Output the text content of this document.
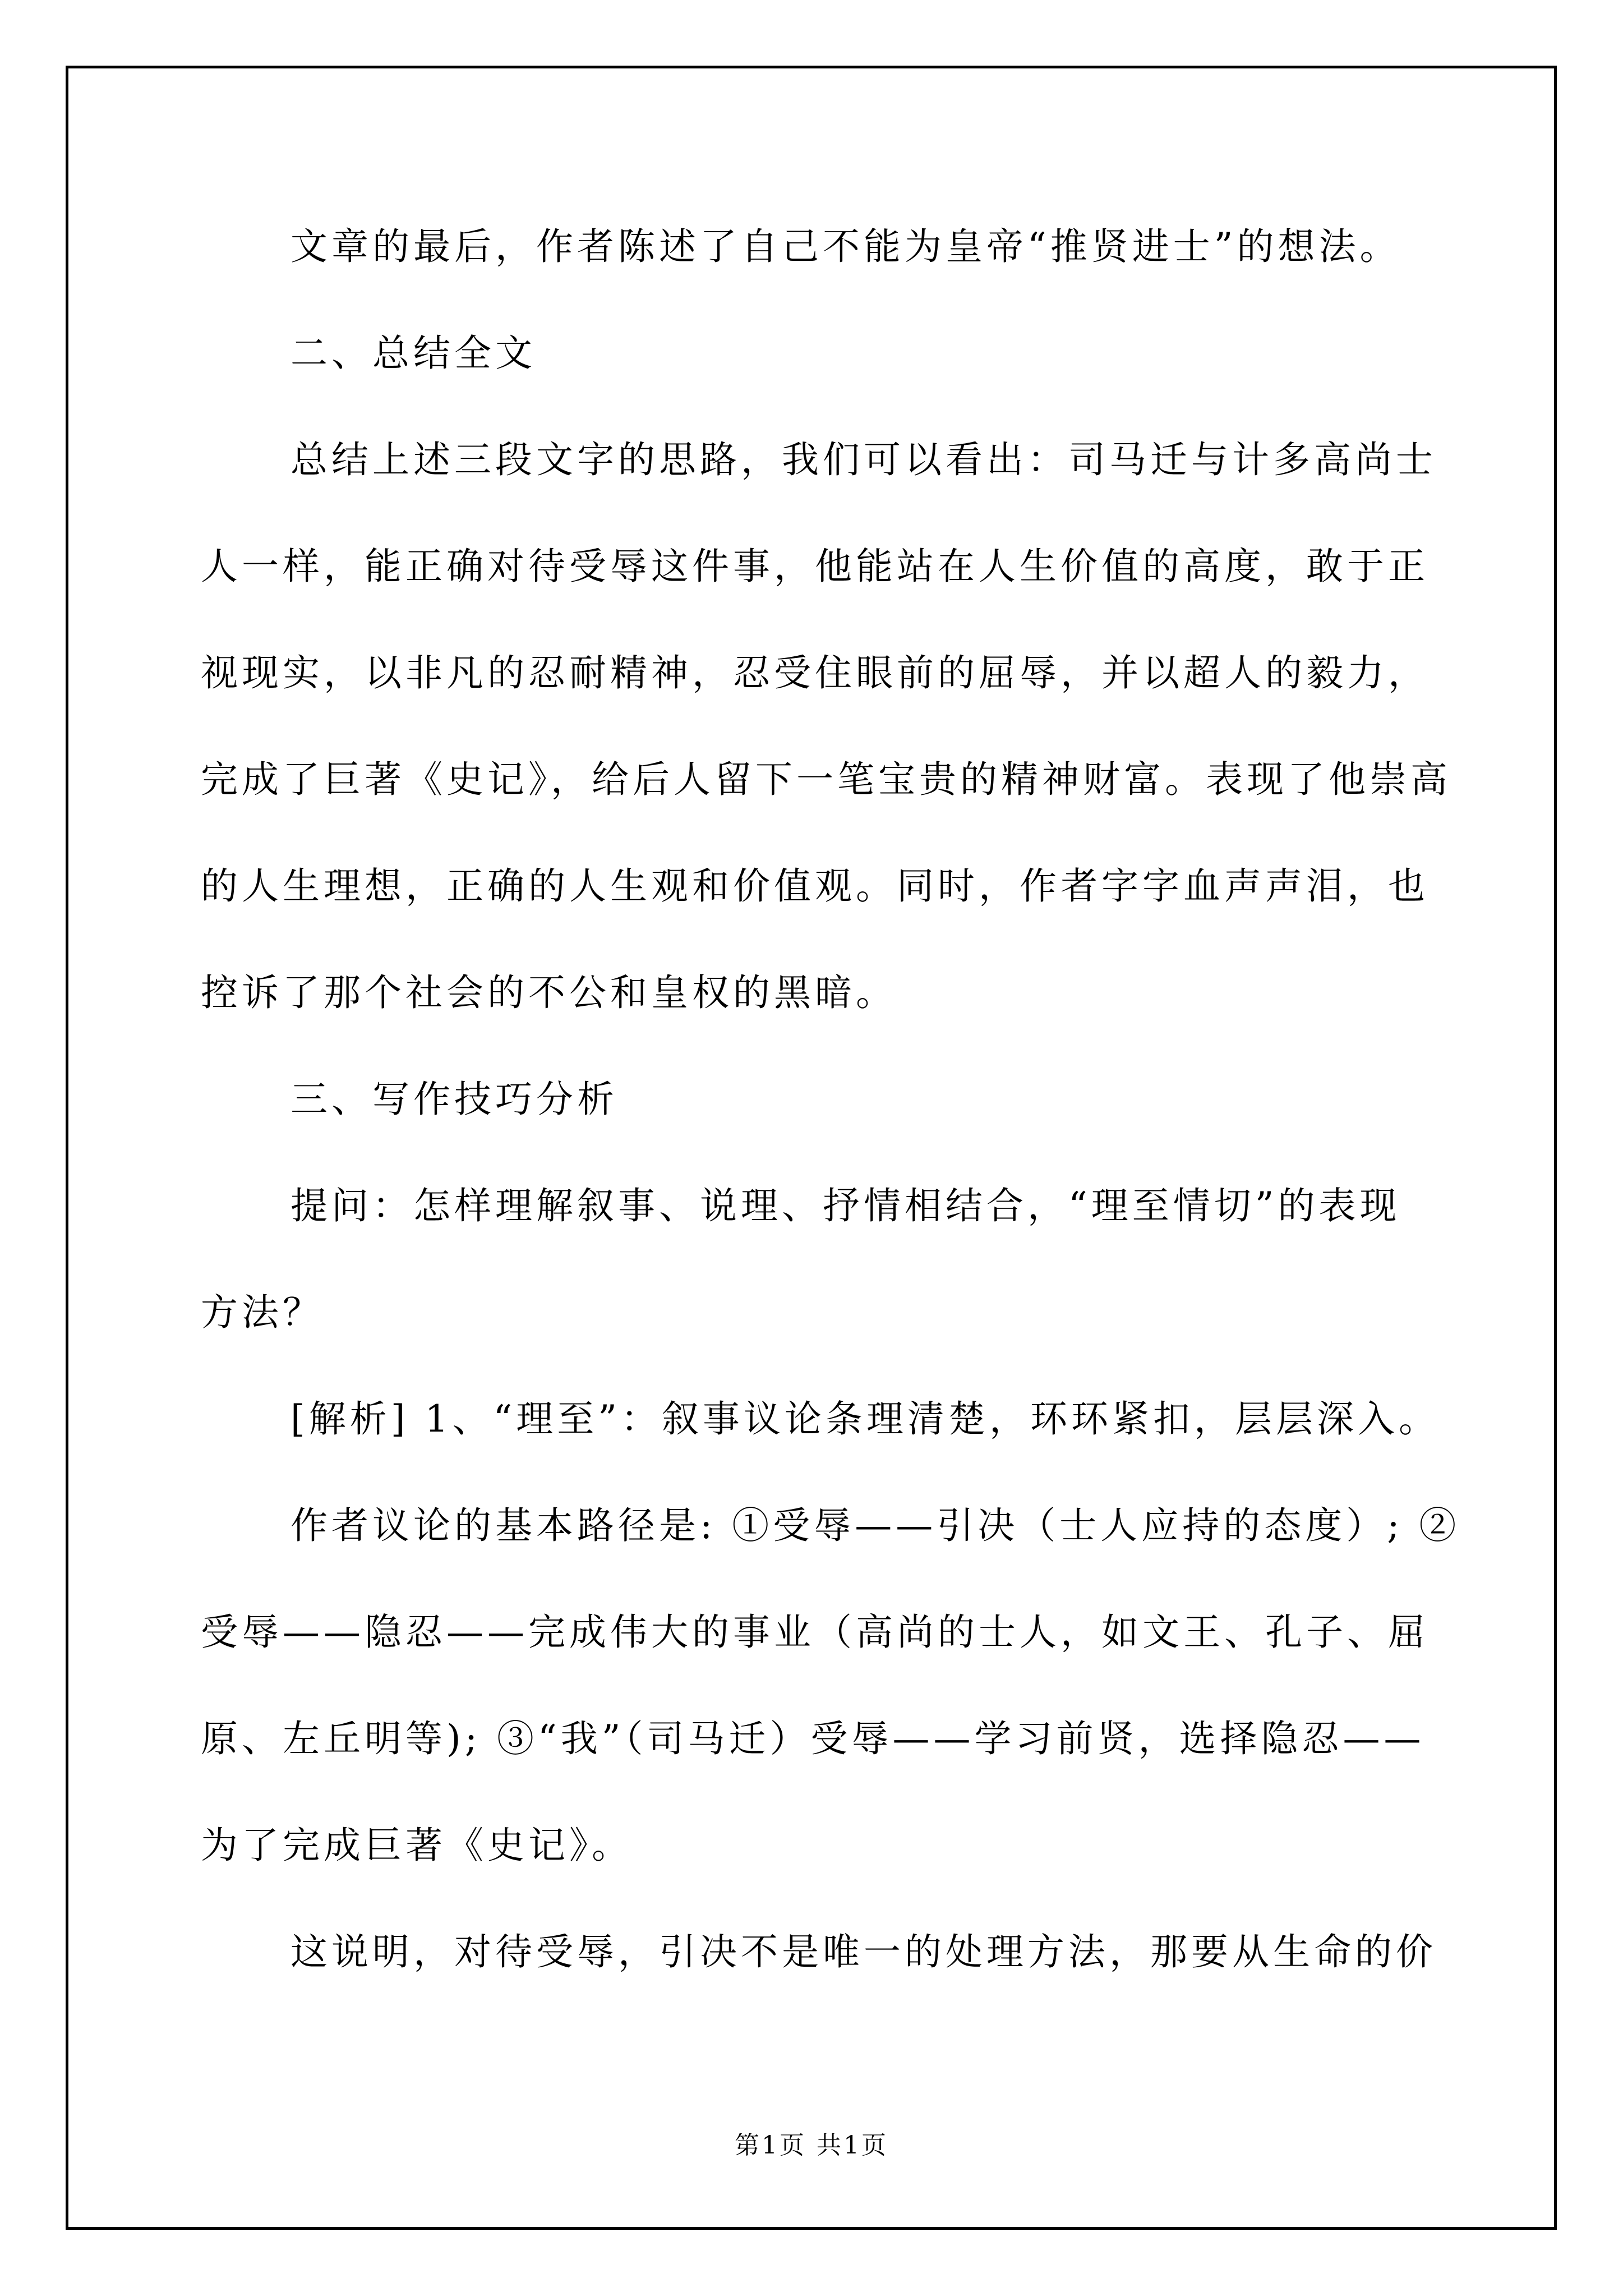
文章的最后，作者陈述了自己不能为皇帝“推贤进士”的想法。
二、总结全文
总结上述三段文字的思路，我们可以看出：司马迁与计多高尚士
人一样，能正确对待受辱这件事，他能站在人生价值的高度，敢于正
视现实，以非凡的忍耐精神，忍受住眼前的屈辱，并以超人的毅力，
完成了巨著《史记》，给后人留下一笔宝贵的精神财富。表现了他崇高
的人生理想，正确的人生观和价值观。同时，作者字字血声声泪，也
控诉了那个社会的不公和皇权的黑暗。
三、写作技巧分析
提问：怎样理解叙事、说理、抒情相结合，“理至情切”的表现
方法？
[解析] 1、“理至”：叙事议论条理清楚，环环紧扣，层层深入。
作者议论的基本路径是: ①受辱——引决（士人应持的态度）; ②
受辱——隐忍——完成伟大的事业（高尚的士人，如文王、孔子、屈
原、左丘明等); ③“我”（司马迁）受辱——学习前贤，选择隐忍——
为了完成巨著《史记》。
这说明，对待受辱，引决不是唯一的处理方法，那要从生命的价
第1页 共1页
